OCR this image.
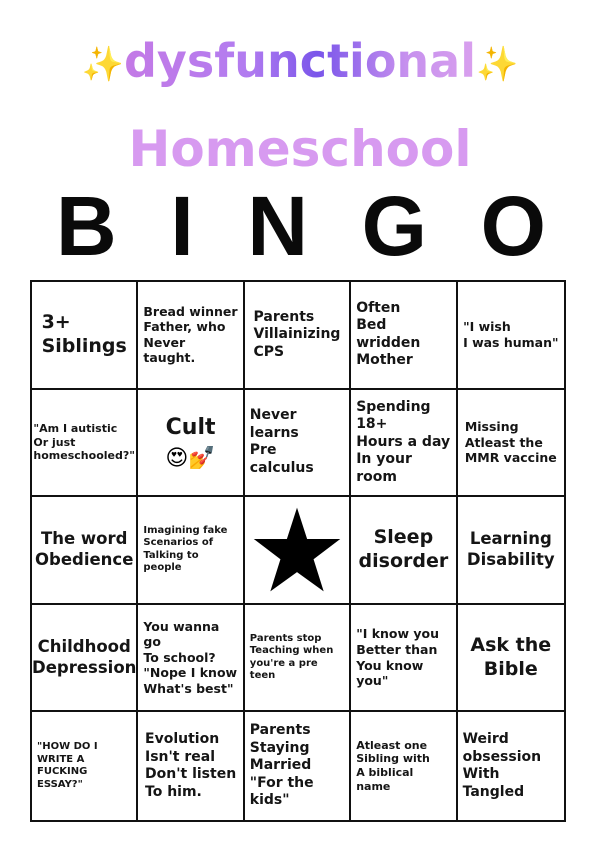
✨dysfunctional✨
Homeschool
B I N G O
3+
Siblings
Bread winner
Father, who
Never taught.
Parents
Villainizing
CPS
Often
Bed wridden
Mother
"I wish
I was human"
"Am I autistic
Or just
homeschooled?"
Cult
😍💅
Never learns
Pre calculus
Spending 18+
Hours a day
In your room
Missing
Atleast the
MMR vaccine
The word
Obedience
Imagining fake
Scenarios of
Talking to people
Sleep
disorder
Learning
Disability
Childhood
Depression
You wanna go
To school?
"Nope I know
What's best"
Parents stop
Teaching when
you're a pre teen
"I know you
Better than
You know you"
Ask the
Bible
"HOW DO I
WRITE A
FUCKING ESSAY?"
Evolution
Isn't real
Don't listen
To him.
Parents
Staying
Married
"For the kids"
Atleast one
Sibling with
A biblical name
Weird
obsession
With Tangled
